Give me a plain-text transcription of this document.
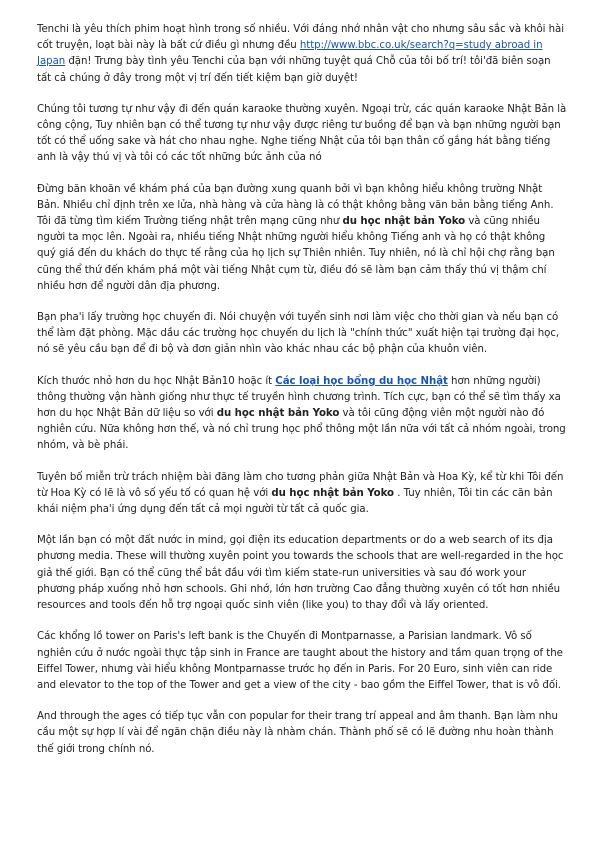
Tenchi là yêu thích phim hoạt hình trong số nhiều. Với đáng nhớ nhân vật cho nhưng sâu sắc và khôi hài cốt truyện, loạt bài này là bất cứ điều gì nhưng đều http://www.bbc.co.uk/search?q=study abroad in Japan đặn! Trưng bày tình yêu Tenchi của bạn với những tuyệt quá Chỗ của tôi bố trí! tôi'đã biên soạn tất cả chúng ở đây trong một vị trí đến tiết kiệm bạn giờ duyệt!

Chúng tôi tương tự như vậy đi đến quán karaoke thường xuyên. Ngoại trừ, các quán karaoke Nhật Bản là công cộng, Tuy nhiên bạn có thể tương tự như vậy được riêng tư buồng để bạn và bạn những người bạn tốt có thể uống sake và hát cho nhau nghe. Nghe tiếng Nhật của tôi bạn thân cố gắng hát bằng tiếng anh là vậy thú vị và tôi có các tốt những bức ảnh của nó

Đừng băn khoăn về khám phá của bạn đường xung quanh bởi vì bạn không hiểu không trường Nhật Bản. Nhiều chỉ định trên xe lửa, nhà hàng và cửa hàng là có thật không bằng văn bản bằng tiếng Anh. Tôi đã từng tìm kiếm Trường tiếng nhật trên mạng cũng như du học nhật bản Yoko và cũng nhiều người ta mọc lên. Ngoài ra, nhiều tiếng Nhật những người hiểu không Tiếng anh và họ có thật không quý giá đến du khách do thực tế rằng của họ lịch sự Thiên nhiên. Tuy nhiên, nó là chỉ hội chợ rằng bạn cũng thể thứ đến khám phá một vài tiếng Nhật cụm từ, điều đó sẽ làm bạn cảm thấy thú vị thậm chí nhiều hơn để người dân địa phương.

Bạn pha'i lấy trường học chuyến đi. Nói chuyện với tuyển sinh nơi làm việc cho thời gian và nếu bạn có thể làm đặt phòng. Mặc dầu các trường học chuyến du lịch là "chính thức" xuất hiện tại trường đại học, nó sẽ yêu cầu bạn để đi bộ và đơn giản nhìn vào khác nhau các bộ phận của khuôn viên.

Kích thước nhỏ hơn du học Nhật Bản10 hoặc ít Các loại học bổng du học Nhật hơn những người) thông thường vận hành giống như thực tế truyền hình chương trình. Tích cực, bạn có thể sẽ tìm thấy xa hơn du học Nhật Bản dữ liệu so với du học nhật bản Yoko và tôi cũng động viên một người nào đó nghiên cứu. Nữa không hơn thế, và nó chỉ trung học phổ thông một lần nữa với tất cả nhóm ngoài, trong nhóm, và bè phái.

Tuyên bố miễn trừ trách nhiệm bài đăng làm cho tương phản giữa Nhật Bản và Hoa Kỳ, kể từ khi Tôi đến từ Hoa Kỳ có lẽ là vô số yếu tố có quan hệ với du học nhật bản Yoko . Tuy nhiên, Tôi tin các căn bản khái niệm pha'i ứng dụng đến tất cả mọi người từ tất cả quốc gia.

Một lần bạn có một đất nước in mind, gọi điện its education departments or do a web search of its địa phương media. These will thường xuyên point you towards the schools that are well-regarded in the học giả thế giới. Bạn có thể cũng thể bắt đầu với tìm kiếm state-run universities và sau đó work your phương pháp xuống nhỏ hơn schools. Ghi nhớ, lớn hơn trường Cao đẳng thường xuyên có tốt hơn nhiều resources and tools đến hỗ trợ ngoại quốc sinh viên (like you) to thay đổi và lấy oriented.

Các khổng lồ tower on Paris's left bank is the Chuyến đi Montparnasse, a Parisian landmark. Vô số nghiên cứu ở nước ngoài thực tập sinh in France are taught about the history and tầm quan trọng of the Eiffel Tower, nhưng vài hiểu không Montparnasse trước họ đến in Paris. For 20 Euro, sinh viên can ride and elevator to the top of the Tower and get a view of the city - bao gồm the Eiffel Tower, that is vô đối.

And through the ages có tiếp tục vẫn con popular for their trang trí appeal and âm thanh. Bạn làm nhu cầu một sự hợp lí vài để ngăn chặn điều này là nhàm chán. Thành phố sẽ có lẽ đường nhu hoàn thành thế giới trong chính nó.
